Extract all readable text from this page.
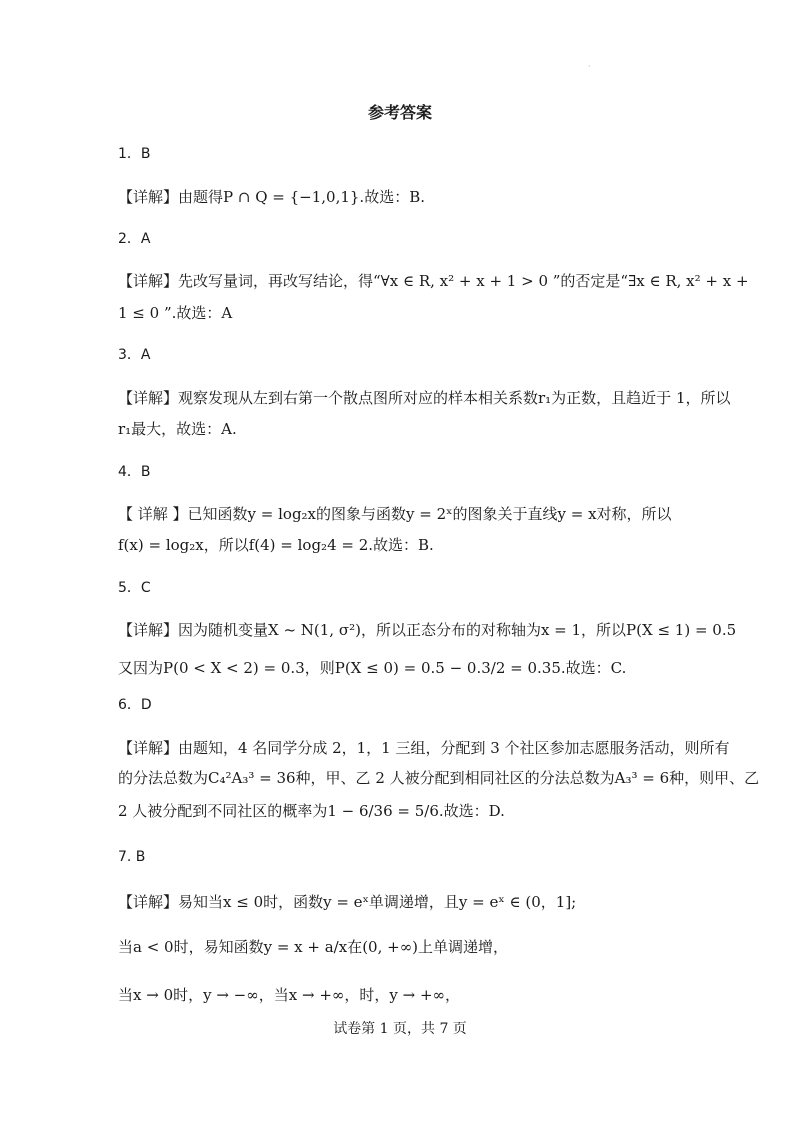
·
参考答案
1．B
【详解】由题得P ∩ Q = {−1,0,1}.故选：B.
2．A
【详解】先改写量词，再改写结论，得“∀x ∈ R, x² + x + 1 > 0 ”的否定是“∃x ∈ R, x² + x +
1 ≤ 0 ”.故选：A
3．A
【详解】观察发现从左到右第一个散点图所对应的样本相关系数r₁为正数，且趋近于 1，所以
r₁最大，故选：A.
4．B
【 详解 】已知函数y = log₂x的图象与函数y = 2ˣ的图象关于直线y = x对称，所以
f(x) = log₂x，所以f(4) = log₂4 = 2.故选：B.
5．C
【详解】因为随机变量X ~ N(1, σ²)，所以正态分布的对称轴为x = 1，所以P(X ≤ 1) = 0.5
又因为P(0 < X < 2) = 0.3，则P(X ≤ 0) = 0.5 − 0.3/2 = 0.35.故选：C.
6．D
【详解】由题知，4 名同学分成 2，1，1 三组，分配到 3 个社区参加志愿服务活动，则所有
的分法总数为C₄²A₃³ = 36种，甲、乙 2 人被分配到相同社区的分法总数为A₃³ = 6种，则甲、乙
2 人被分配到不同社区的概率为1 − 6/36 = 5/6.故选：D.
7. B
【详解】易知当x ≤ 0时，函数y = eˣ单调递增，且y = eˣ ∈ (0，1];
当a < 0时，易知函数y = x + a/x在(0, +∞)上单调递增，
当x → 0时，y → −∞，当x → +∞，时，y → +∞，
试卷第 1 页，共 7 页
